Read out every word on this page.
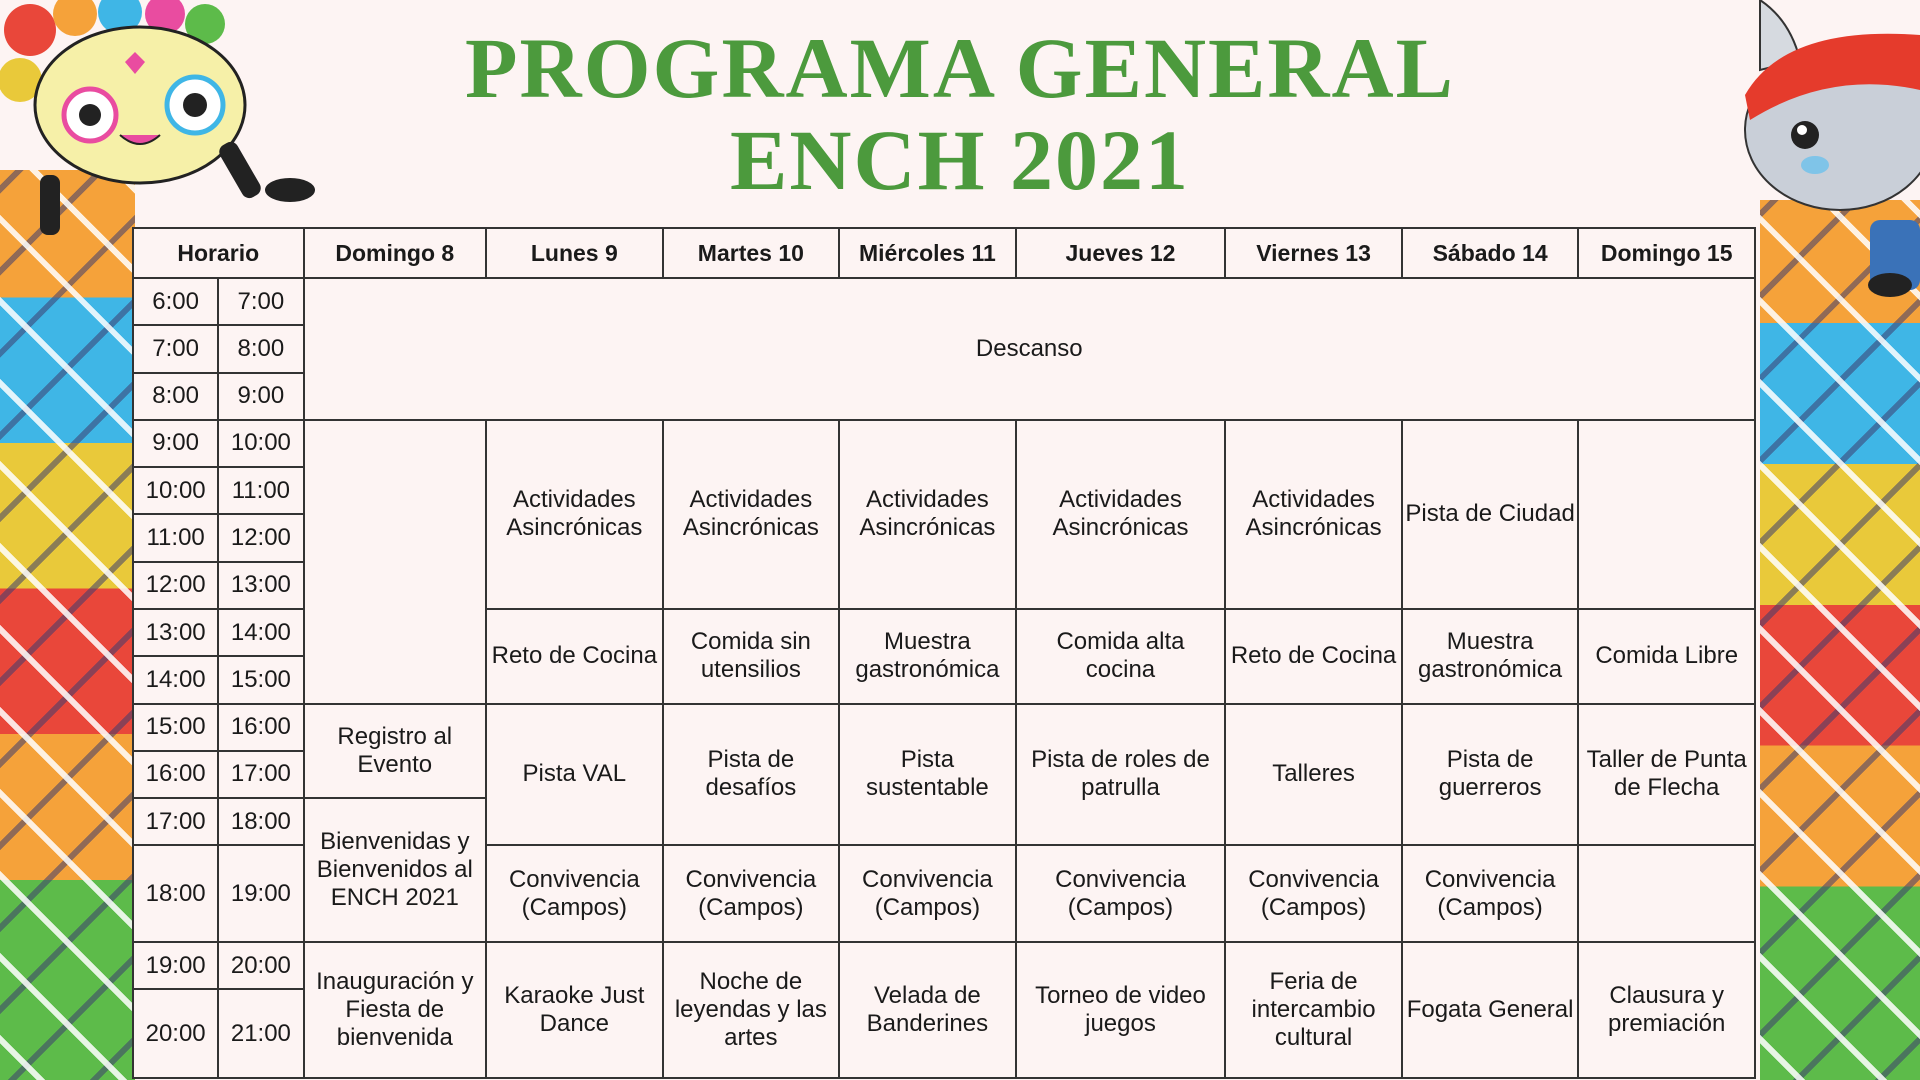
PROGRAMA GENERAL
ENCH 2021
Horario		Domingo 8	Lunes 9	Martes 10	Miércoles 11	Jueves 12	Viernes 13	Sábado 14	Domingo 15
6:00	7:00	Descanso							
7:00	8:00								
8:00	9:00								
9:00	10:00		Actividades Asincrónicas	Actividades Asincrónicas	Actividades Asincrónicas	Actividades Asincrónicas	Actividades Asincrónicas	Pista de Ciudad	
10:00	11:00								
11:00	12:00								
12:00	13:00								
13:00	14:00		Reto de Cocina	Comida sin utensilios	Muestra gastronómica	Comida alta cocina	Reto de Cocina	Muestra gastronómica	Comida Libre
14:00	15:00								
15:00	16:00	Registro al Evento	Pista VAL	Pista de desafíos	Pista sustentable	Pista de roles de patrulla	Talleres	Pista de guerreros	Taller de Punta de Flecha
16:00	17:00								
17:00	18:00	Bienvenidas y Bienvenidos al ENCH 2021							
18:00	19:00		Convivencia (Campos)	Convivencia (Campos)	Convivencia (Campos)	Convivencia (Campos)	Convivencia (Campos)	Convivencia (Campos)	
19:00	20:00	Inauguración y Fiesta de bienvenida	Karaoke Just Dance	Noche de leyendas y las artes	Velada de Banderines	Torneo de video juegos	Feria de intercambio cultural	Fogata General	Clausura y premiación
20:00	21:00								
